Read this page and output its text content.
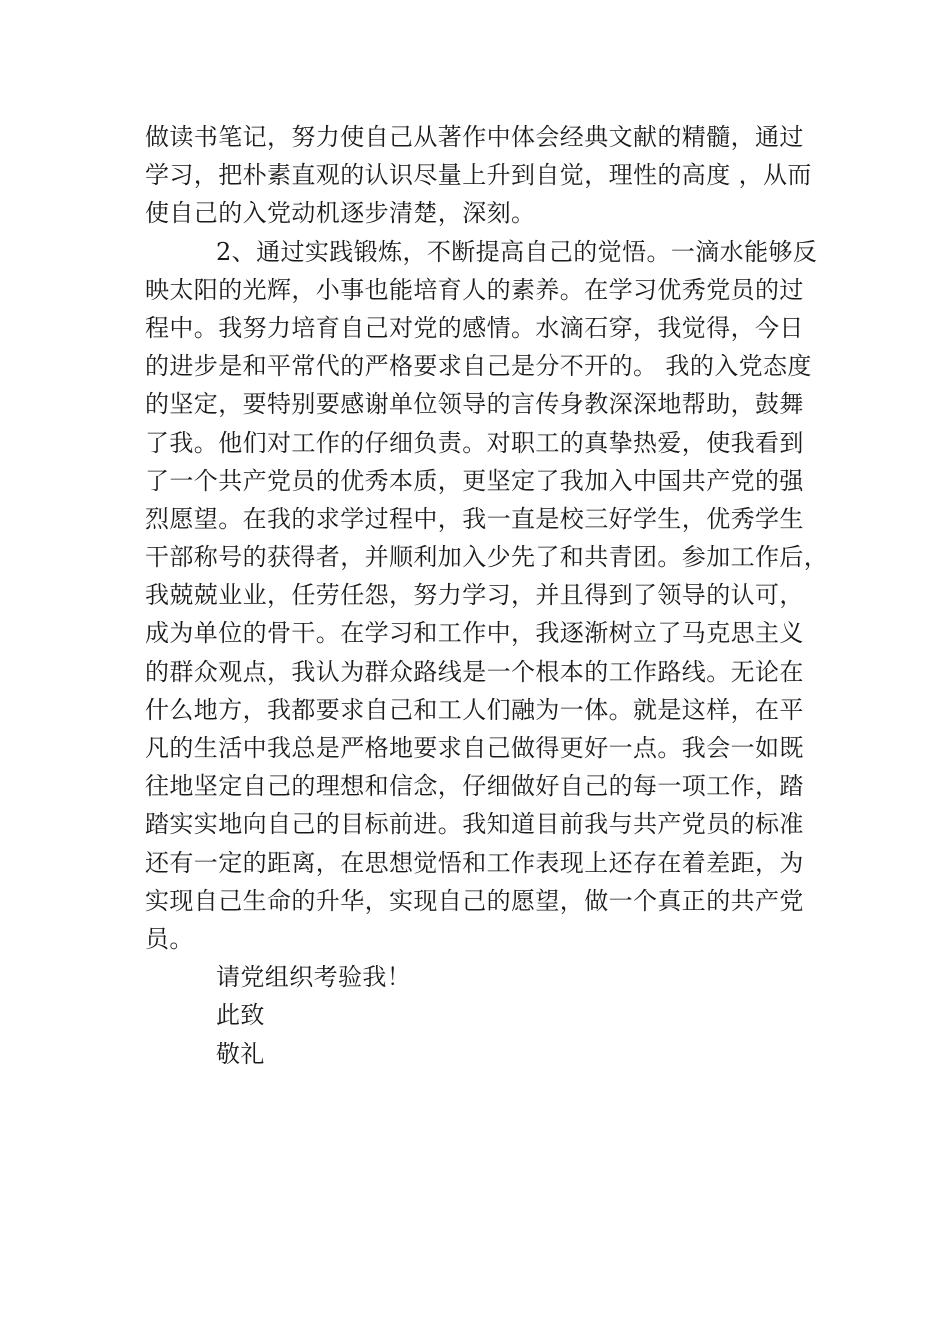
做读书笔记，努力使自己从著作中体会经典文献的精髓，通过
学习，把朴素直观的认识尽量上升到自觉，理性的高度 ，从而
使自己的入党动机逐步清楚，深刻。
2、通过实践锻炼，不断提高自己的觉悟。一滴水能够反
映太阳的光辉，小事也能培育人的素养。在学习优秀党员的过
程中。我努力培育自己对党的感情。水滴石穿，我觉得，今日
的进步是和平常代的严格要求自己是分不开的。 我的入党态度
的坚定，要特别要感谢单位领导的言传身教深深地帮助，鼓舞
了我。他们对工作的仔细负责。对职工的真挚热爱，使我看到
了一个共产党员的优秀本质，更坚定了我加入中国共产党的强
烈愿望。在我的求学过程中，我一直是校三好学生，优秀学生
干部称号的获得者，并顺利加入少先了和共青团。参加工作后，
我兢兢业业，任劳任怨，努力学习，并且得到了领导的认可，
成为单位的骨干。在学习和工作中，我逐渐树立了马克思主义
的群众观点，我认为群众路线是一个根本的工作路线。无论在
什么地方，我都要求自己和工人们融为一体。就是这样，在平
凡的生活中我总是严格地要求自己做得更好一点。我会一如既
往地坚定自己的理想和信念，仔细做好自己的每一项工作，踏
踏实实地向自己的目标前进。我知道目前我与共产党员的标准
还有一定的距离，在思想觉悟和工作表现上还存在着差距，为
实现自己生命的升华，实现自己的愿望，做一个真正的共产党
员。
请党组织考验我！
此致
敬礼
